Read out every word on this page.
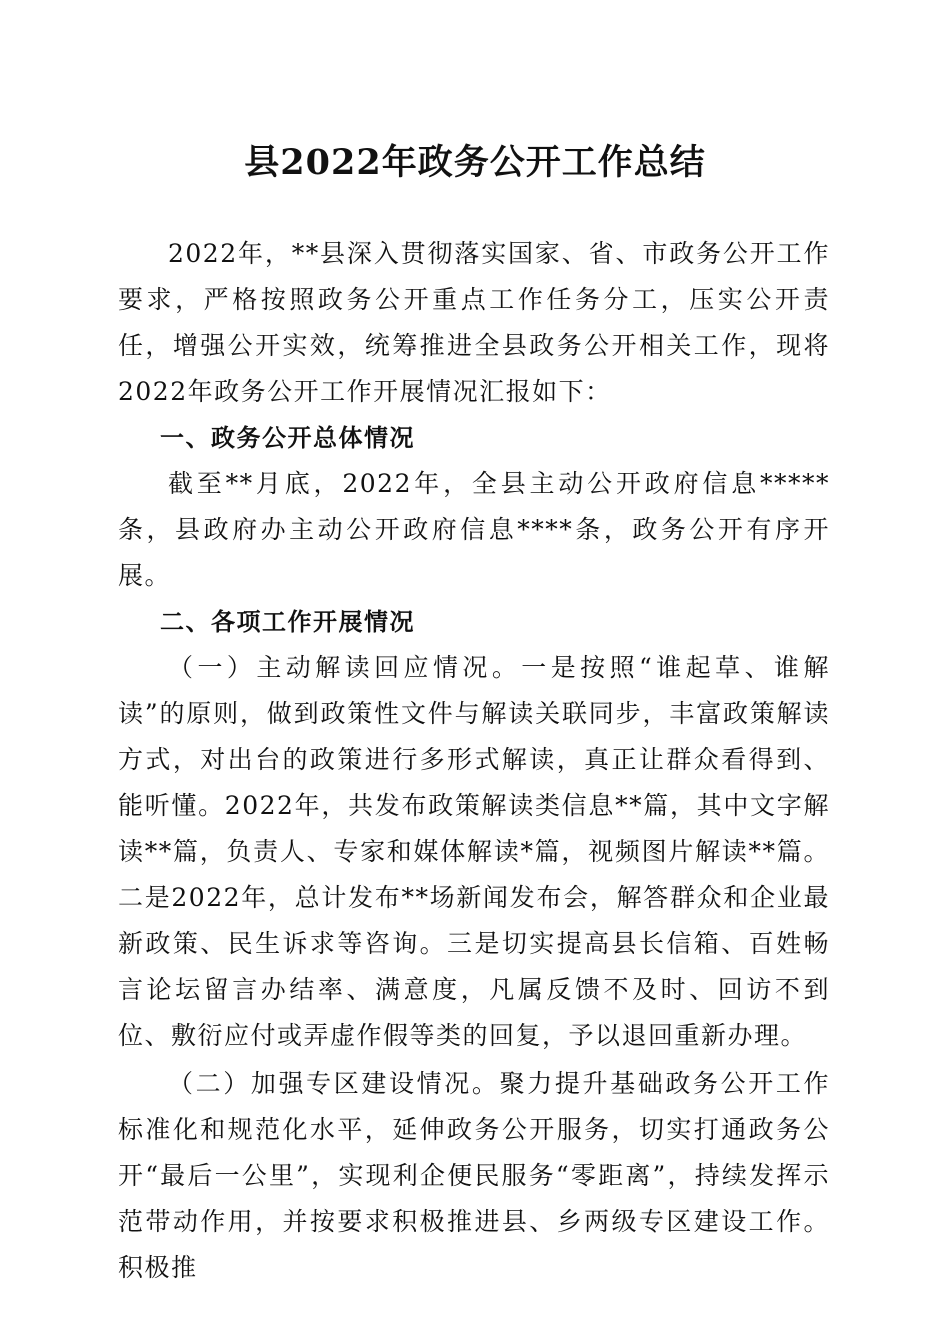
县2022年政务公开工作总结

2022年，**县深入贯彻落实国家、省、市政务公开工作要求，严格按照政务公开重点工作任务分工，压实公开责任，增强公开实效，统筹推进全县政务公开相关工作，现将2022年政务公开工作开展情况汇报如下：

一、政务公开总体情况

截至**月底，2022年，全县主动公开政府信息*****条，县政府办主动公开政府信息****条，政务公开有序开展。

二、各项工作开展情况

（一）主动解读回应情况。一是按照“谁起草、谁解读”的原则，做到政策性文件与解读关联同步，丰富政策解读方式，对出台的政策进行多形式解读，真正让群众看得到、能听懂。2022年，共发布政策解读类信息**篇，其中文字解读**篇，负责人、专家和媒体解读*篇，视频图片解读**篇。二是2022年，总计发布**场新闻发布会，解答群众和企业最新政策、民生诉求等咨询。三是切实提高县长信箱、百姓畅言论坛留言办结率、满意度，凡属反馈不及时、回访不到位、敷衍应付或弄虚作假等类的回复，予以退回重新办理。

（二）加强专区建设情况。聚力提升基础政务公开工作标准化和规范化水平，延伸政务公开服务，切实打通政务公开“最后一公里”，实现利企便民服务“零距离”，持续发挥示范带动作用，并按要求积极推进县、乡两级专区建设工作。积极推
